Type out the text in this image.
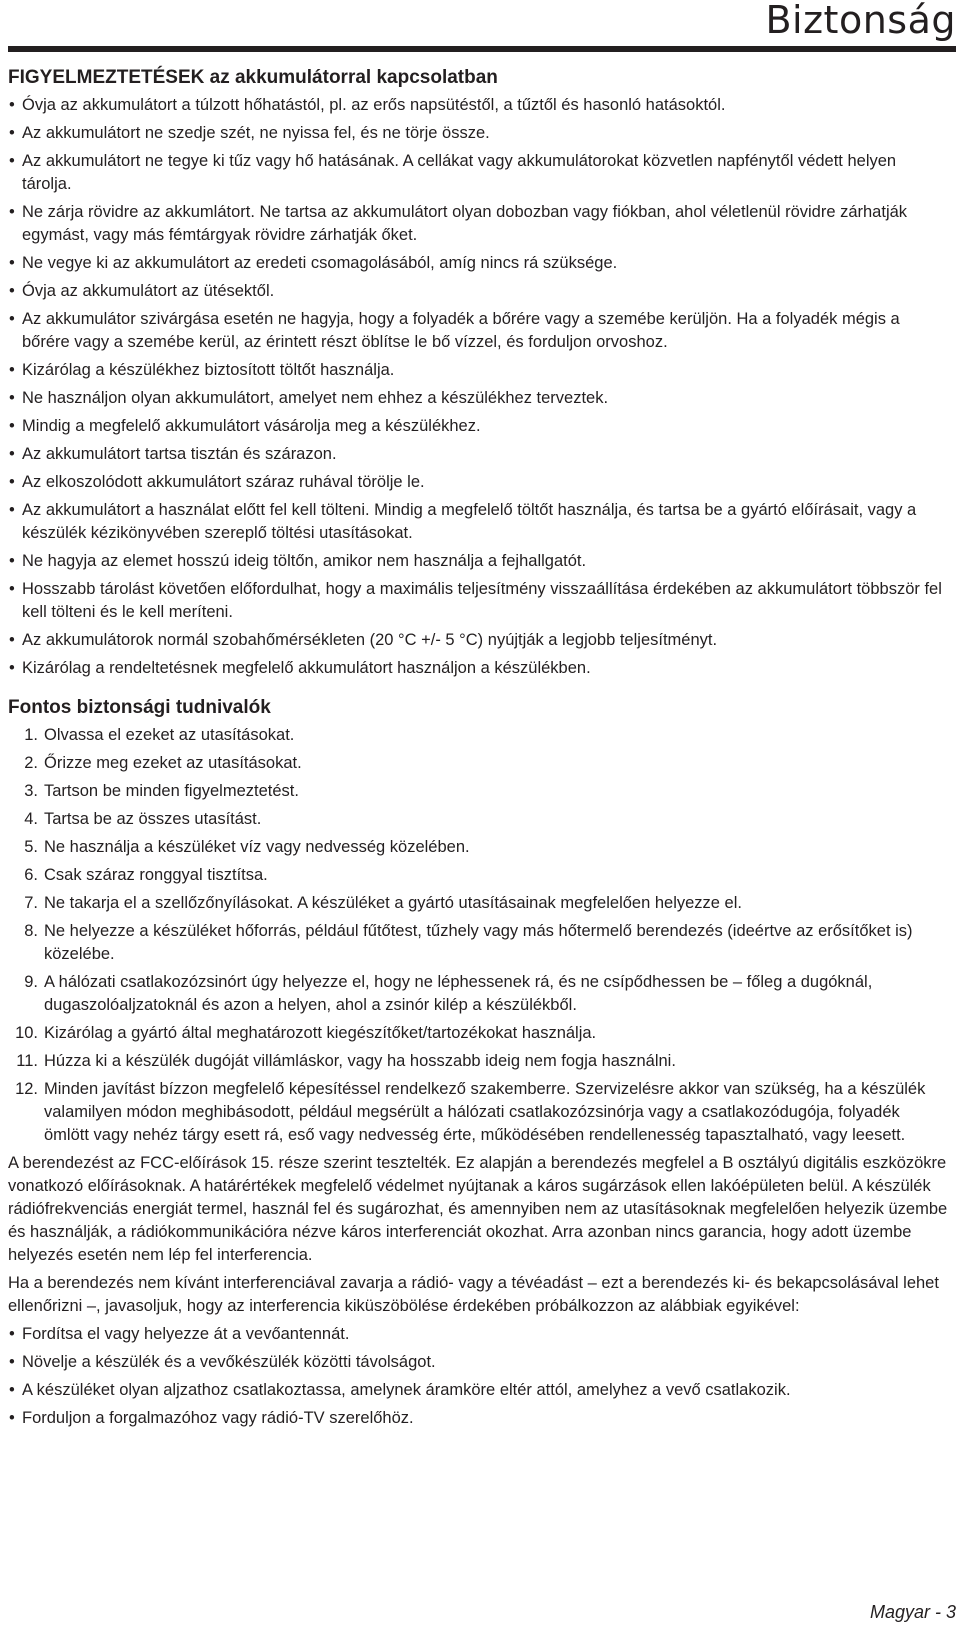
Biztonság
FIGYELMEZTETÉSEK az akkumulátorral kapcsolatban
• Óvja az akkumulátort a túlzott hőhatástól, pl. az erős napsütéstől, a tűztől és hasonló hatásoktól.
• Az akkumulátort ne szedje szét, ne nyissa fel, és ne törje össze.
• Az akkumulátort ne tegye ki tűz vagy hő hatásának. A cellákat vagy akkumulátorokat közvetlen napfénytől védett helyen tárolja.
• Ne zárja rövidre az akkumlátort. Ne tartsa az akkumulátort olyan dobozban vagy fiókban, ahol véletlenül rövidre zárhatják egymást, vagy más fémtárgyak rövidre zárhatják őket.
• Ne vegye ki az akkumulátort az eredeti csomagolásából, amíg nincs rá szüksége.
• Óvja az akkumulátort az ütésektől.
• Az akkumulátor szivárgása esetén ne hagyja, hogy a folyadék a bőrére vagy a szemébe kerüljön. Ha a folyadék mégis a bőrére vagy a szemébe kerül, az érintett részt öblítse le bő vízzel, és forduljon orvoshoz.
• Kizárólag a készülékhez biztosított töltőt használja.
• Ne használjon olyan akkumulátort, amelyet nem ehhez a készülékhez terveztek.
• Mindig a megfelelő akkumulátort vásárolja meg a készülékhez.
• Az akkumulátort tartsa tisztán és szárazon.
• Az elkoszolódott akkumulátort száraz ruhával törölje le.
• Az akkumulátort a használat előtt fel kell tölteni. Mindig a megfelelő töltőt használja, és tartsa be a gyártó előírásait, vagy a készülék kézikönyvében szereplő töltési utasításokat.
• Ne hagyja az elemet hosszú ideig töltőn, amikor nem használja a fejhallgatót.
• Hosszabb tárolást követően előfordulhat, hogy a maximális teljesítmény visszaállítása érdekében az akkumulátort többször fel kell tölteni és le kell meríteni.
• Az akkumulátorok normál szobahőmérsékleten (20 °C +/- 5 °C) nyújtják a legjobb teljesítményt.
• Kizárólag a rendeltetésnek megfelelő akkumulátort használjon a készülékben.
Fontos biztonsági tudnivalók
1. Olvassa el ezeket az utasításokat.
2. Őrizze meg ezeket az utasításokat.
3. Tartson be minden figyelmeztetést.
4. Tartsa be az összes utasítást.
5. Ne használja a készüléket víz vagy nedvesség közelében.
6. Csak száraz ronggyal tisztítsa.
7. Ne takarja el a szellőzőnyílásokat. A készüléket a gyártó utasításainak megfelelően helyezze el.
8. Ne helyezze a készüléket hőforrás, például fűtőtest, tűzhely vagy más hőtermelő berendezés (ideértve az erősítőket is) közelébe.
9. A hálózati csatlakozózsinórt úgy helyezze el, hogy ne léphessenek rá, és ne csípődhessen be – főleg a dugóknál, dugaszolóaljzatoknál és azon a helyen, ahol a zsinór kilép a készülékből.
10. Kizárólag a gyártó által meghatározott kiegészítőket/tartozékokat használja.
11. Húzza ki a készülék dugóját villámláskor, vagy ha hosszabb ideig nem fogja használni.
12. Minden javítást bízzon megfelelő képesítéssel rendelkező szakemberre. Szervizelésre akkor van szükség, ha a készülék valamilyen módon meghibásodott, például megsérült a hálózati csatlakozózsinórja vagy a csatlakozódugója, folyadék ömlött vagy nehéz tárgy esett rá, eső vagy nedvesség érte, működésében rendellenesség tapasztalható, vagy leesett.

A berendezést az FCC-előírások 15. része szerint tesztelték. Ez alapján a berendezés megfelel a B osztályú digitális eszközökre vonatkozó előírásoknak. A határértékek megfelelő védelmet nyújtanak a káros sugárzások ellen lakóépületen belül. A készülék rádiófrekvenciás energiát termel, használ fel és sugározhat, és amennyiben nem az utasításoknak megfelelően helyezik üzembe és használják, a rádiókommunikációra nézve káros interferenciát okozhat. Arra azonban nincs garancia, hogy adott üzembe helyezés esetén nem lép fel interferencia.

Ha a berendezés nem kívánt interferenciával zavarja a rádió- vagy a tévéadást – ezt a berendezés ki- és bekapcsolásával lehet ellenőrizni –, javasoljuk, hogy az interferencia kiküszöbölése érdekében próbálkozzon az alábbiak egyikével:

• Fordítsa el vagy helyezze át a vevőantennát.
• Növelje a készülék és a vevőkészülék közötti távolságot.
• A készüléket olyan aljzathoz csatlakoztassa, amelynek áramköre eltér attól, amelyhez a vevő csatlakozik.
• Forduljon a forgalmazóhoz vagy rádió-TV szerelőhöz.
Magyar - 3
